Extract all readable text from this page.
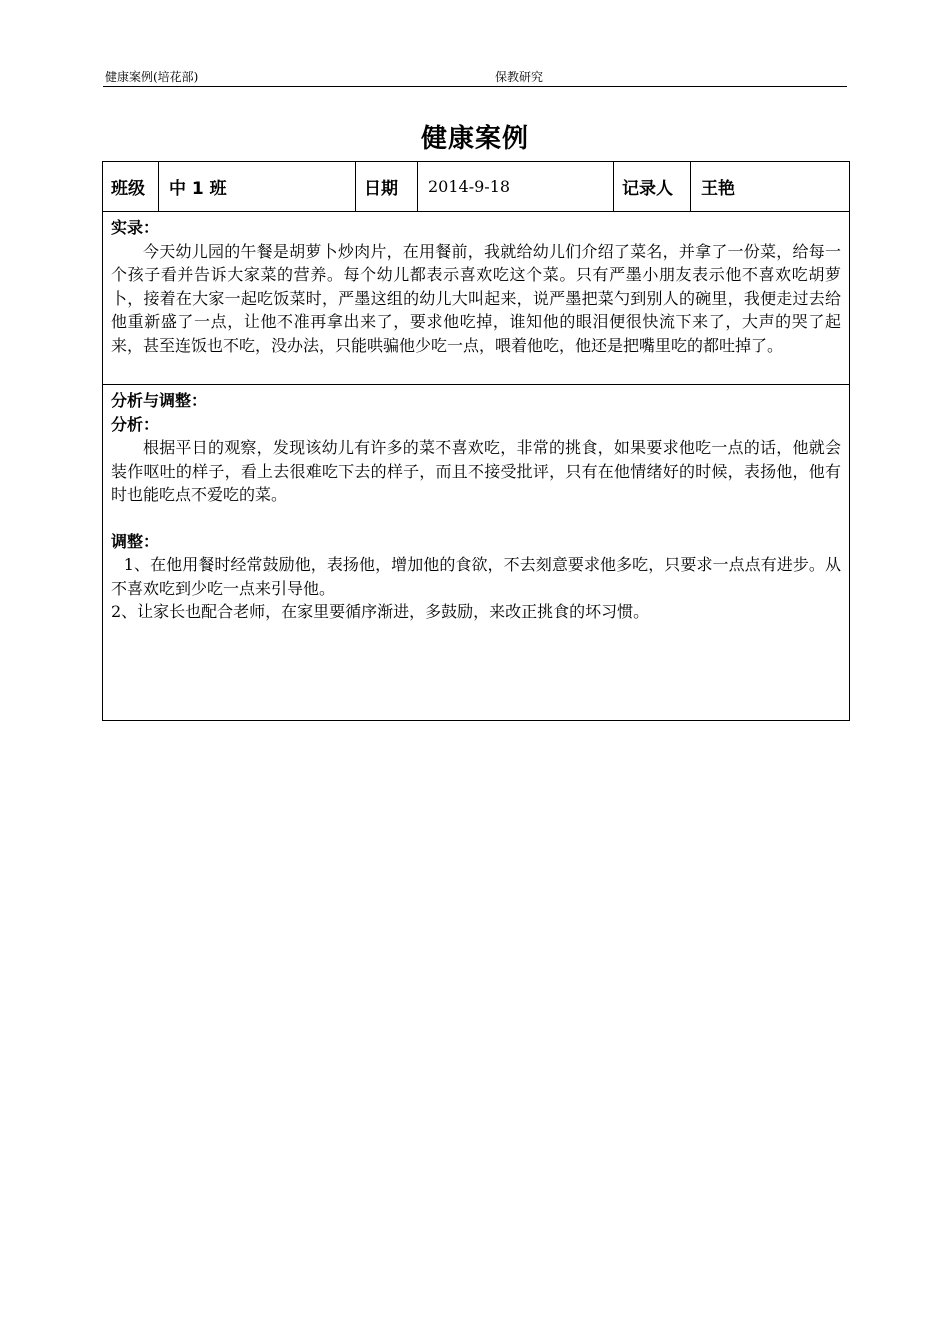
健康案例(培花部)	保教研究
健康案例
班级	中 1 班	日期	2014-9-18	记录人	王艳

实录：

今天幼儿园的午餐是胡萝卜炒肉片，在用餐前，我就给幼儿们介绍了菜名，并拿了一份菜，给每一个孩子看并告诉大家菜的营养。每个幼儿都表示喜欢吃这个菜。只有严墨小朋友表示他不喜欢吃胡萝卜，接着在大家一起吃饭菜时，严墨这组的幼儿大叫起来，说严墨把菜勺到别人的碗里，我便走过去给他重新盛了一点，让他不准再拿出来了，要求他吃掉，谁知他的眼泪便很快流下来了，大声的哭了起来，甚至连饭也不吃，没办法，只能哄骗他少吃一点，喂着他吃，他还是把嘴里吃的都吐掉了。

分析与调整：
分析：

根据平日的观察，发现该幼儿有许多的菜不喜欢吃，非常的挑食，如果要求他吃一点的话，他就会装作呕吐的样子，看上去很难吃下去的样子，而且不接受批评，只有在他情绪好的时候，表扬他，他有时也能吃点不爱吃的菜。

调整：

1、在他用餐时经常鼓励他，表扬他，增加他的食欲，不去刻意要求他多吃，只要求一点点有进步。从不喜欢吃到少吃一点来引导他。

2、让家长也配合老师，在家里要循序渐进，多鼓励，来改正挑食的坏习惯。
